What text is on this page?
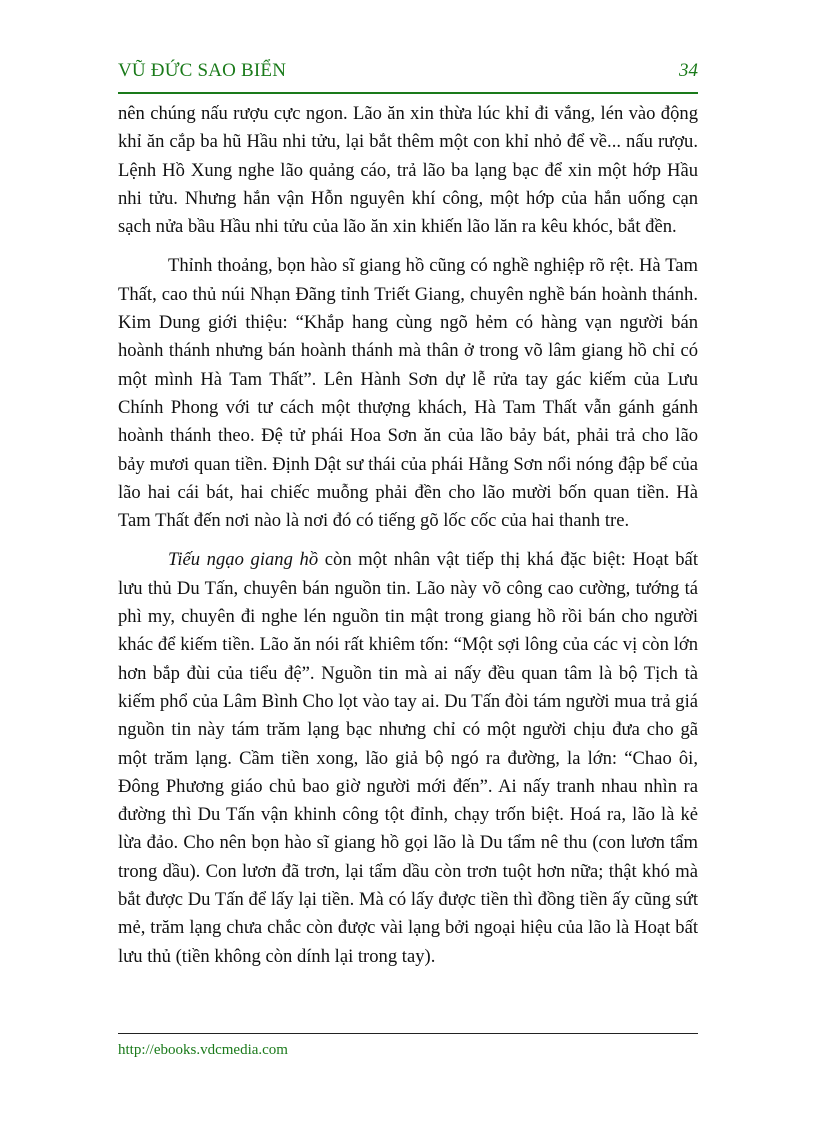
VŨ ĐỨC SAO BIỂN	34

nên chúng nấu rượu cực ngon. Lão ăn xin thừa lúc khỉ đi vắng, lén vào động khỉ ăn cắp ba hũ Hầu nhi tửu, lại bắt thêm một con khỉ nhỏ để về... nấu rượu. Lệnh Hồ Xung nghe lão quảng cáo, trả lão ba lạng bạc để xin một hớp Hầu nhi tửu. Nhưng hắn vận Hỗn nguyên khí công, một hớp của hắn uống cạn sạch nửa bầu Hầu nhi tửu của lão ăn xin khiến lão lăn ra kêu khóc, bắt đền.

Thỉnh thoảng, bọn hào sĩ giang hồ cũng có nghề nghiệp rõ rệt. Hà Tam Thất, cao thủ núi Nhạn Đãng tỉnh Triết Giang, chuyên nghề bán hoành thánh. Kim Dung giới thiệu: “Khắp hang cùng ngõ hẻm có hàng vạn người bán hoành thánh nhưng bán hoành thánh mà thân ở trong võ lâm giang hồ chỉ có một mình Hà Tam Thất”. Lên Hành Sơn dự lễ rửa tay gác kiếm của Lưu Chính Phong với tư cách một thượng khách, Hà Tam Thất vẫn gánh gánh hoành thánh theo. Đệ tử phái Hoa Sơn ăn của lão bảy bát, phải trả cho lão bảy mươi quan tiền. Định Dật sư thái của phái Hằng Sơn nổi nóng đập bể của lão hai cái bát, hai chiếc muỗng phải đền cho lão mười bốn quan tiền. Hà Tam Thất đến nơi nào là nơi đó có tiếng gõ lốc cốc của hai thanh tre.

Tiếu ngạo giang hồ còn một nhân vật tiếp thị khá đặc biệt: Hoạt bất lưu thủ Du Tấn, chuyên bán nguồn tin. Lão này võ công cao cường, tướng tá phì my, chuyên đi nghe lén nguồn tin mật trong giang hồ rồi bán cho người khác để kiếm tiền. Lão ăn nói rất khiêm tốn: “Một sợi lông của các vị còn lớn hơn bắp đùi của tiểu đệ”. Nguồn tin mà ai nấy đều quan tâm là bộ Tịch tà kiếm phổ của Lâm Bình Cho lọt vào tay ai. Du Tấn đòi tám người mua trả giá nguồn tin này tám trăm lạng bạc nhưng chỉ có một người chịu đưa cho gã một trăm lạng. Cầm tiền xong, lão giả bộ ngó ra đường, la lớn: “Chao ôi, Đông Phương giáo chủ bao giờ người mới đến”. Ai nấy tranh nhau nhìn ra đường thì Du Tấn vận khinh công tột đỉnh, chạy trốn biệt. Hoá ra, lão là kẻ lừa đảo. Cho nên bọn hào sĩ giang hồ gọi lão là Du tẩm nê thu (con lươn tẩm trong dầu). Con lươn đã trơn, lại tẩm dầu còn trơn tuột hơn nữa; thật khó mà bắt được Du Tấn để lấy lại tiền. Mà có lấy được tiền thì đồng tiền ấy cũng sứt mẻ, trăm lạng chưa chắc còn được vài lạng bởi ngoại hiệu của lão là Hoạt bất lưu thủ (tiền không còn dính lại trong tay).

http://ebooks.vdcmedia.com
